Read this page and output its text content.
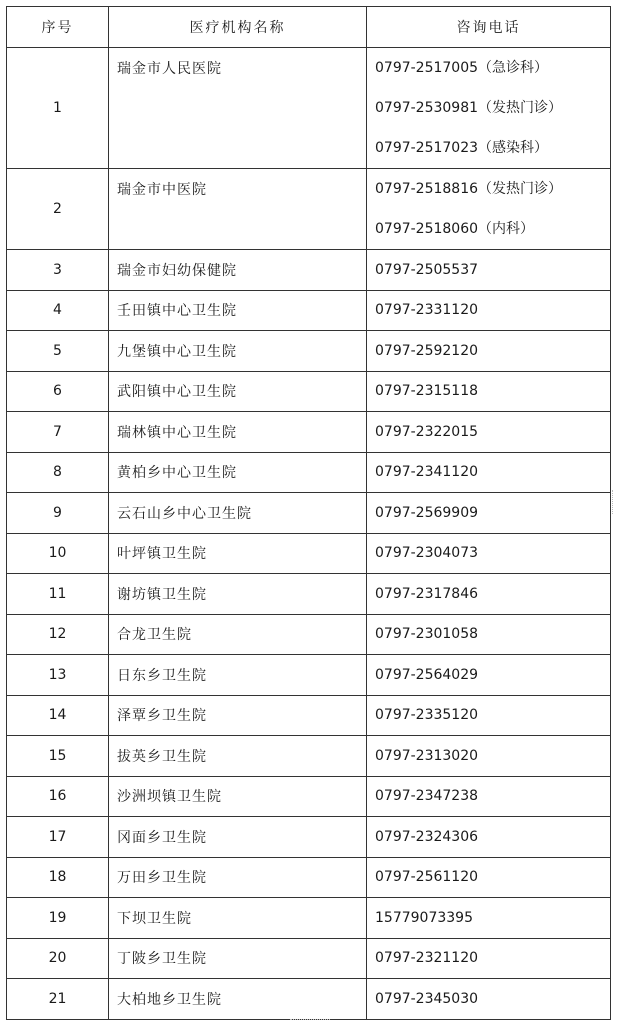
序号	医疗机构名称	咨询电话
1	瑞金市人民医院	0797-2517005（急诊科）
0797-2530981（发热门诊）
0797-2517023（感染科）

2	瑞金市中医院	0797-2518816（发热门诊）
0797-2518060（内科）

3	瑞金市妇幼保健院	0797-2505537

4	壬田镇中心卫生院	0797-2331120

5	九堡镇中心卫生院	0797-2592120

6	武阳镇中心卫生院	0797-2315118

7	瑞林镇中心卫生院	0797-2322015

8	黄柏乡中心卫生院	0797-2341120

9	云石山乡中心卫生院	0797-2569909

10	叶坪镇卫生院	0797-2304073

11	谢坊镇卫生院	0797-2317846

12	合龙卫生院	0797-2301058

13	日东乡卫生院	0797-2564029

14	泽覃乡卫生院	0797-2335120

15	拔英乡卫生院	0797-2313020

16	沙洲坝镇卫生院	0797-2347238

17	冈面乡卫生院	0797-2324306

18	万田乡卫生院	0797-2561120

19	下坝卫生院	15779073395

20	丁陂乡卫生院	0797-2321120

21	大柏地乡卫生院	0797-2345030
